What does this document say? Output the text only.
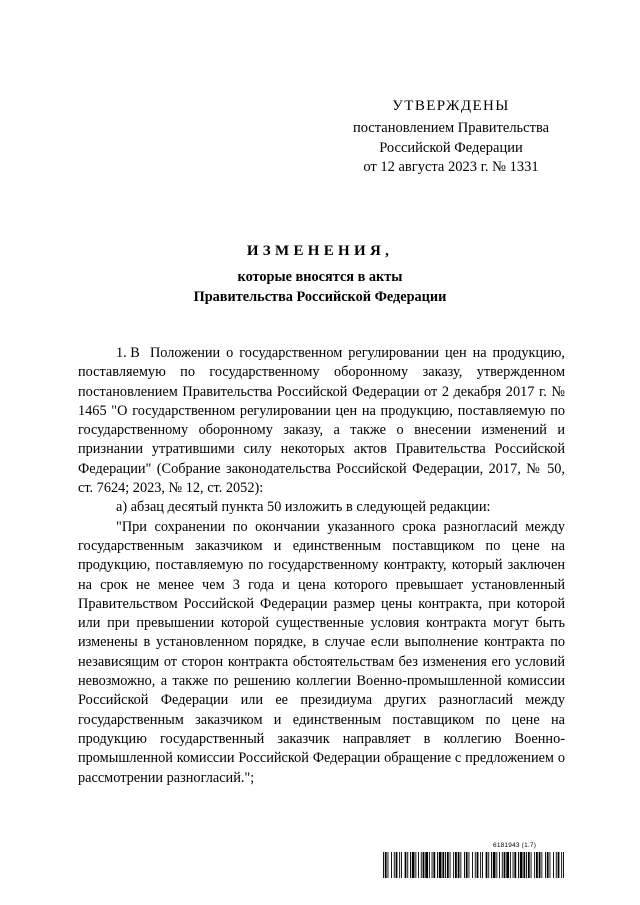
УТВЕРЖДЕНЫ
постановлением Правительства
Российской Федерации
от 12 августа 2023 г. № 1331
ИЗМЕНЕНИЯ,
которые вносятся в акты
Правительства Российской Федерации

1. В Положении о государственном регулировании цен на продукцию, поставляемую по государственному оборонному заказу, утвержденном постановлением Правительства Российской Федерации от 2 декабря 2017 г. № 1465 "О государственном регулировании цен на продукцию, поставляемую по государственному оборонному заказу, а также о внесении изменений и признании утратившими силу некоторых актов Правительства Российской Федерации" (Собрание законодательства Российской Федерации, 2017, № 50, ст. 7624; 2023, № 12, ст. 2052):

а) абзац десятый пункта 50 изложить в следующей редакции:

"При сохранении по окончании указанного срока разногласий между государственным заказчиком и единственным поставщиком по цене на продукцию, поставляемую по государственному контракту, который заключен на срок не менее чем 3 года и цена которого превышает установленный Правительством Российской Федерации размер цены контракта, при которой или при превышении которой существенные условия контракта могут быть изменены в установленном порядке, в случае если выполнение контракта по независящим от сторон контракта обстоятельствам без изменения его условий невозможно, а также по решению коллегии Военно-промышленной комиссии Российской Федерации или ее президиума других разногласий между государственным заказчиком и единственным поставщиком по цене на продукцию государственный заказчик направляет в коллегию Военно-промышленной комиссии Российской Федерации обращение с предложением о рассмотрении разногласий.";

6181943 (1.7)
